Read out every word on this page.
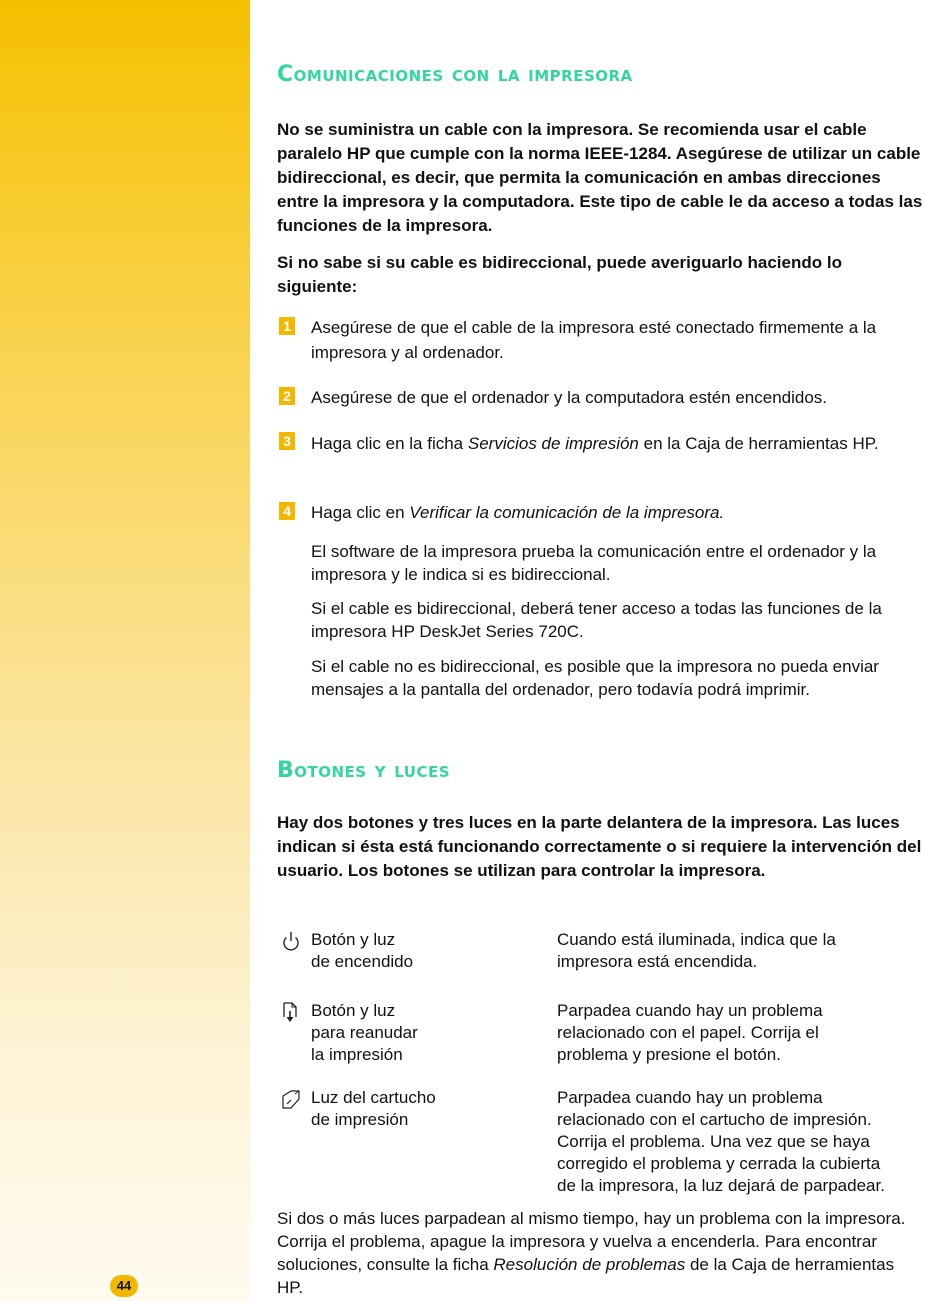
44
Comunicaciones con la impresora

No se suministra un cable con la impresora. Se recomienda usar el cable paralelo HP que cumple con la norma IEEE-1284. Asegúrese de utilizar un cable bidireccional, es decir, que permita la comunicación en ambas direcciones entre la impresora y la computadora. Este tipo de cable le da acceso a todas las funciones de la impresora.

Si no sabe si su cable es bidireccional, puede averiguarlo haciendo lo siguiente:

1 Asegúrese de que el cable de la impresora esté conectado firmemente a la impresora y al ordenador.
2 Asegúrese de que el ordenador y la computadora estén encendidos.
3 Haga clic en la ficha Servicios de impresión en la Caja de herramientas HP.
4 Haga clic en Verificar la comunicación de la impresora.

El software de la impresora prueba la comunicación entre el ordenador y la impresora y le indica si es bidireccional.

Si el cable es bidireccional, deberá tener acceso a todas las funciones de la impresora HP DeskJet Series 720C.

Si el cable no es bidireccional, es posible que la impresora no pueda enviar mensajes a la pantalla del ordenador, pero todavía podrá imprimir.

Botones y luces

Hay dos botones y tres luces en la parte delantera de la impresora. Las luces indican si ésta está funcionando correctamente o si requiere la intervención del usuario. Los botones se utilizan para controlar la impresora.

Botón y luz
de encendido
Cuando está iluminada, indica que la
impresora está encendida.
Botón y luz
para reanudar
la impresión
Parpadea cuando hay un problema
relacionado con el papel. Corrija el
problema y presione el botón.
Luz del cartucho
de impresión
Parpadea cuando hay un problema
relacionado con el cartucho de impresión.
Corrija el problema. Una vez que se haya
corregido el problema y cerrada la cubierta
de la impresora, la luz dejará de parpadear.

Si dos o más luces parpadean al mismo tiempo, hay un problema con la impresora. Corrija el problema, apague la impresora y vuelva a encenderla. Para encontrar soluciones, consulte la ficha Resolución de problemas de la Caja de herramientas HP.
